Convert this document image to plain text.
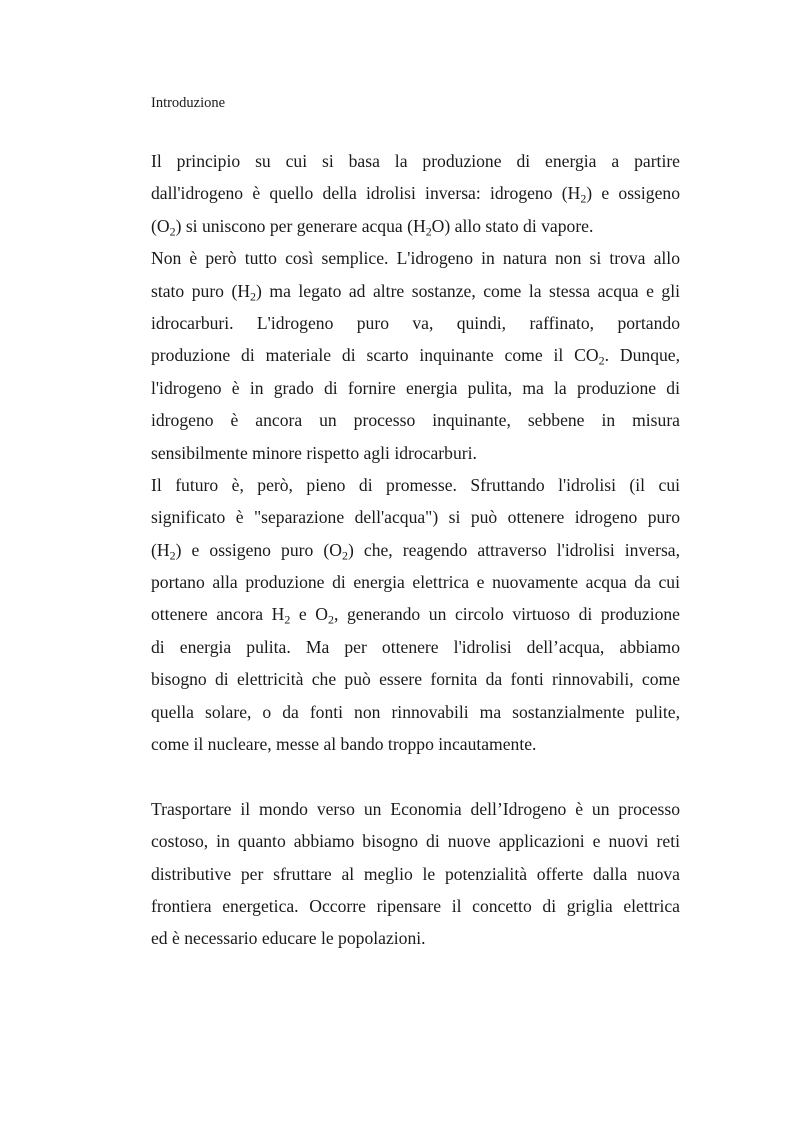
Introduzione
Il principio su cui si basa la produzione di energia a partire
dall'idrogeno è quello della idrolisi inversa: idrogeno $(H_2)$ e ossigeno
$(O_2)$ si uniscono per generare acqua $(H_2O)$ allo stato di vapore.
Non è però tutto così semplice. L'idrogeno in natura non si trova allo
stato puro $(H_2)$ ma legato ad altre sostanze, come la stessa acqua e gli
idrocarburi. L'idrogeno puro va, quindi, raffinato, portando
produzione di materiale di scarto inquinante come il $CO_2$. Dunque,
l'idrogeno è in grado di fornire energia pulita, ma la produzione di
idrogeno è ancora un processo inquinante, sebbene in misura
sensibilmente minore rispetto agli idrocarburi.
Il futuro è, però, pieno di promesse. Sfruttando l'idrolisi (il cui
significato è "separazione dell'acqua") si può ottenere idrogeno puro
$(H_2)$ e ossigeno puro $(O_2)$ che, reagendo attraverso l'idrolisi inversa,
portano alla produzione di energia elettrica e nuovamente acqua da cui
ottenere ancora $H_2$ e $O_2$, generando un circolo virtuoso di produzione
di energia pulita. Ma per ottenere l'idrolisi dell’acqua, abbiamo
bisogno di elettricità che può essere fornita da fonti rinnovabili, come
quella solare, o da fonti non rinnovabili ma sostanzialmente pulite,
come il nucleare, messe al bando troppo incautamente.
Trasportare il mondo verso un Economia dell’Idrogeno è un processo
costoso, in quanto abbiamo bisogno di nuove applicazioni e nuovi reti
distributive per sfruttare al meglio le potenzialità offerte dalla nuova
frontiera energetica. Occorre ripensare il concetto di griglia elettrica
ed è necessario educare le popolazioni.
